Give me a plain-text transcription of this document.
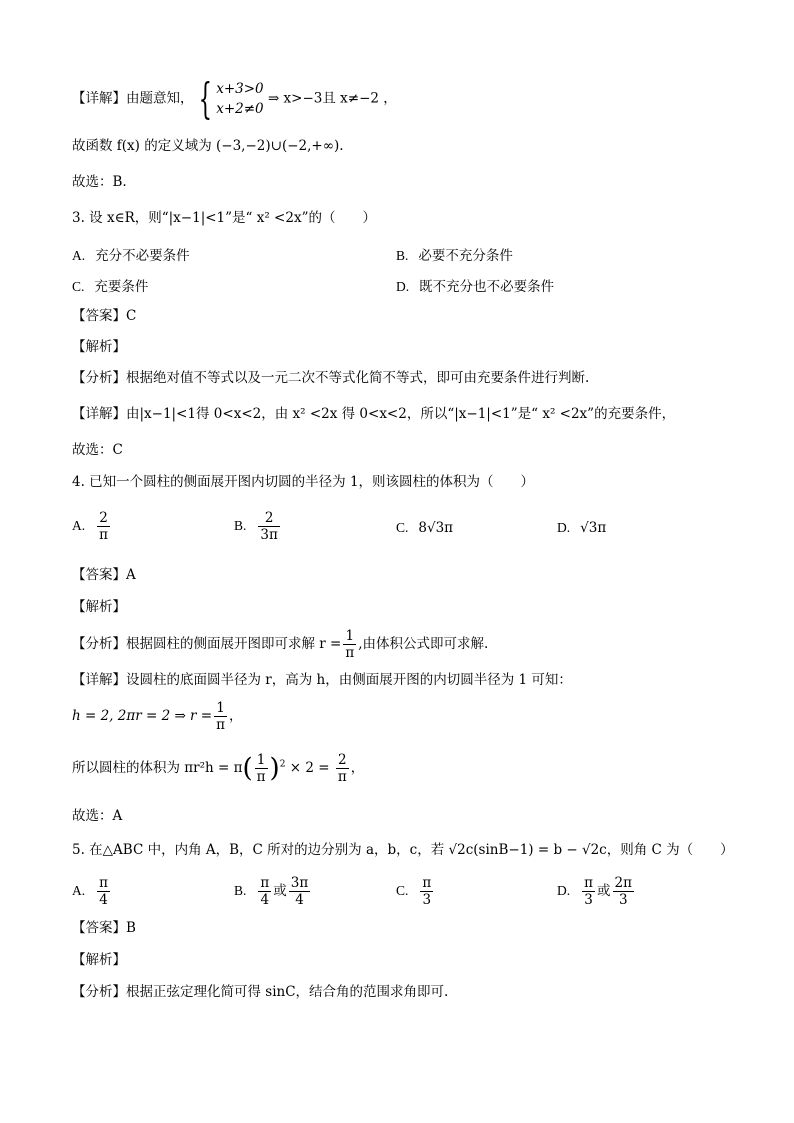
【详解】由题意知， { x+3>0
x+2≠0
⇒ x>−3且 x≠−2 ，
故函数 f(x) 的定义域为 (−3,−2)∪(−2,+∞).
故选：B.
3. 设 x∈R，则“|x−1|<1”是“ x² <2x”的（　　）
A. 充分不必要条件	B. 必要不充分条件
C. 充要条件	D. 既不充分也不必要条件
【答案】C
【解析】
【分析】根据绝对值不等式以及一元二次不等式化简不等式，即可由充要条件进行判断.
【详解】由|x−1|<1得 0<x<2，由 x² <2x 得 0<x<2，所以“|x−1|<1”是“ x² <2x”的充要条件，
故选：C
4. 已知一个圆柱的侧面展开图内切圆的半径为 1，则该圆柱的体积为（　　）
A. $\frac{2}{\pi}$	B. $\frac{2}{3\pi}$	C. 8√3π	D. √3π
【答案】A
【解析】
【分析】根据圆柱的侧面展开图即可求解 $r = \frac{1}{\pi}$ ,由体积公式即可求解.
【详解】设圆柱的底面圆半径为 r，高为 h，由侧面展开图的内切圆半径为 1 可知：
h = 2, 2πr = 2 ⇒ $r = \frac{1}{\pi}$ ，
所以圆柱的体积为 $\pi r^2h = \pi( \frac{1}{\pi} )^2 \times 2 = \frac{2}{\pi}$ ，
故选：A
5. 在△ABC 中，内角 A，B，C 所对的边分别为 a，b，c，若 √2c(sinB−1) = b − √2c，则角 C 为（　　）
A. $\frac{\pi}{4}$	B. $\frac{\pi}{4}$ 或 $\frac{3\pi}{4}$	C. $\frac{\pi}{3}$	D. $\frac{\pi}{3}$ 或 $\frac{2\pi}{3}$
【答案】B
【解析】
【分析】根据正弦定理化简可得 sinC，结合角的范围求角即可.
